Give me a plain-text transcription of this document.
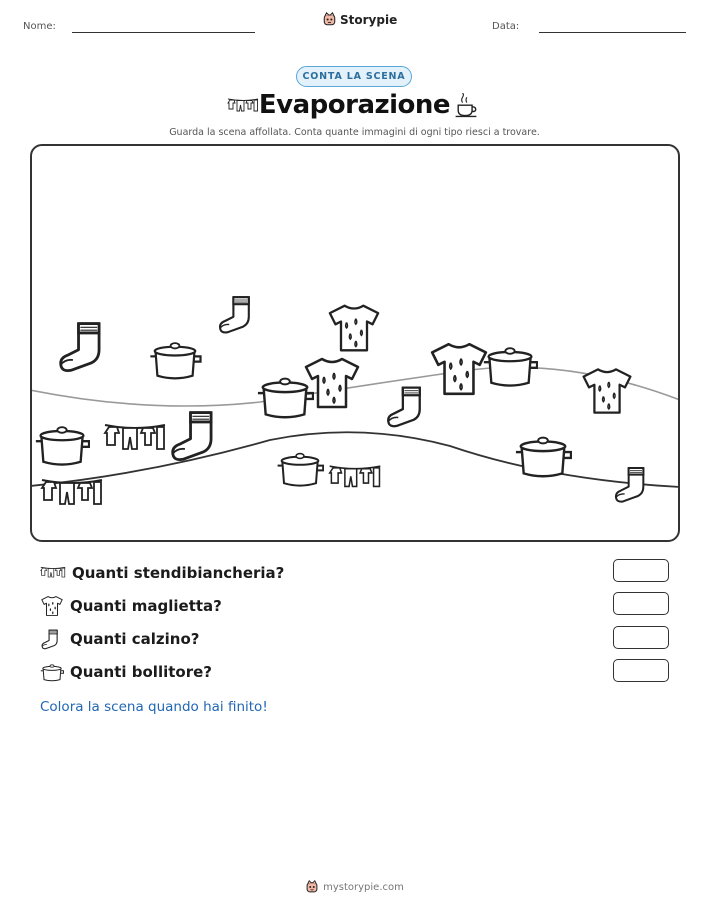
Nome:	Storypie	Data:
CONTA LA SCENA
Evaporazione
Guarda la scena affollata. Conta quante immagini di ogni tipo riesci a trovare.
Quanti stendibiancheria?
Quanti maglietta?
Quanti calzino?
Quanti bollitore?
Colora la scena quando hai finito!
mystorypie.com
